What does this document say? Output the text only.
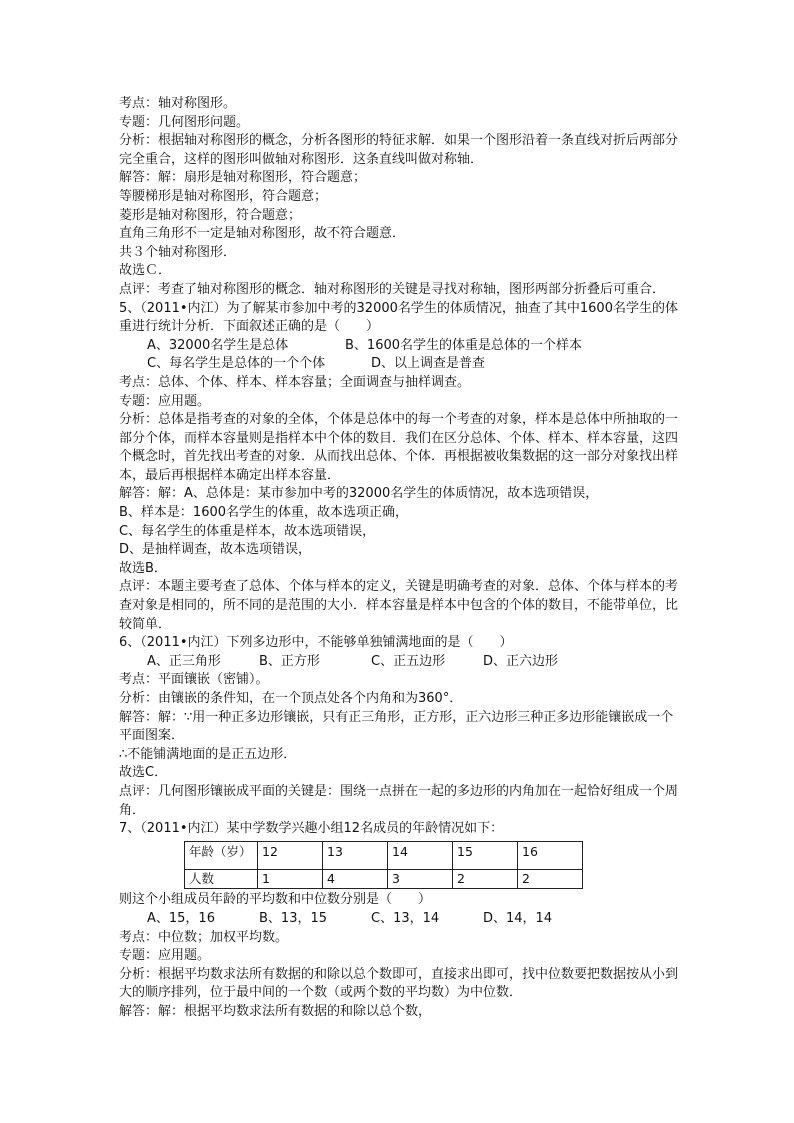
考点：轴对称图形。
专题：几何图形问题。
分析：根据轴对称图形的概念，分析各图形的特征求解．如果一个图形沿着一条直线对折后两部分完全重合，这样的图形叫做轴对称图形．这条直线叫做对称轴．
解答：解：扇形是轴对称图形，符合题意；
等腰梯形是轴对称图形，符合题意；
菱形是轴对称图形，符合题意；
直角三角形不一定是轴对称图形，故不符合题意．
共３个轴对称图形．
故选Ｃ．
点评：考查了轴对称图形的概念．轴对称图形的关键是寻找对称轴，图形两部分折叠后可重合．
5、（2011•内江）为了解某市参加中考的32000名学生的体质情况，抽查了其中1600名学生的体重进行统计分析．下面叙述正确的是（　　）
A、32000名学生是总体	B、1600名学生的体重是总体的一个样本
C、每名学生是总体的一个个体	D、以上调查是普查
考点：总体、个体、样本、样本容量；全面调查与抽样调查。
专题：应用题。
分析：总体是指考查的对象的全体，个体是总体中的每一个考查的对象，样本是总体中所抽取的一部分个体，而样本容量则是指样本中个体的数目．我们在区分总体、个体、样本、样本容量，这四个概念时，首先找出考查的对象．从而找出总体、个体．再根据被收集数据的这一部分对象找出样本，最后再根据样本确定出样本容量．
解答：解：A、总体是：某市参加中考的32000名学生的体质情况，故本选项错误，
B、样本是：1600名学生的体重，故本选项正确，
C、每名学生的体重是样本，故本选项错误，
D、是抽样调查，故本选项错误，
故选B．
点评：本题主要考查了总体、个体与样本的定义，关键是明确考查的对象．总体、个体与样本的考查对象是相同的，所不同的是范围的大小．样本容量是样本中包含的个体的数目，不能带单位，比较简单．
6、（2011•内江）下列多边形中，不能够单独铺满地面的是（　　）
A、正三角形	B、正方形	C、正五边形	D、正六边形
考点：平面镶嵌（密铺）。
分析：由镶嵌的条件知，在一个顶点处各个内角和为360°．
解答：解：∵用一种正多边形镶嵌，只有正三角形，正方形，正六边形三种正多边形能镶嵌成一个平面图案．
∴不能铺满地面的是正五边形．
故选C．
点评：几何图形镶嵌成平面的关键是：围绕一点拼在一起的多边形的内角加在一起恰好组成一个周角．
7、（2011•内江）某中学数学兴趣小组12名成员的年龄情况如下：
年龄（岁）	12	13	14	15	16
人数	1	4	3	2	2
则这个小组成员年龄的平均数和中位数分别是（　　）
A、15，16	B、13，15	C、13，14	D、14，14
考点：中位数；加权平均数。
专题：应用题。
分析：根据平均数求法所有数据的和除以总个数即可，直接求出即可，找中位数要把数据按从小到大的顺序排列，位于最中间的一个数（或两个数的平均数）为中位数．
解答：解：根据平均数求法所有数据的和除以总个数，
